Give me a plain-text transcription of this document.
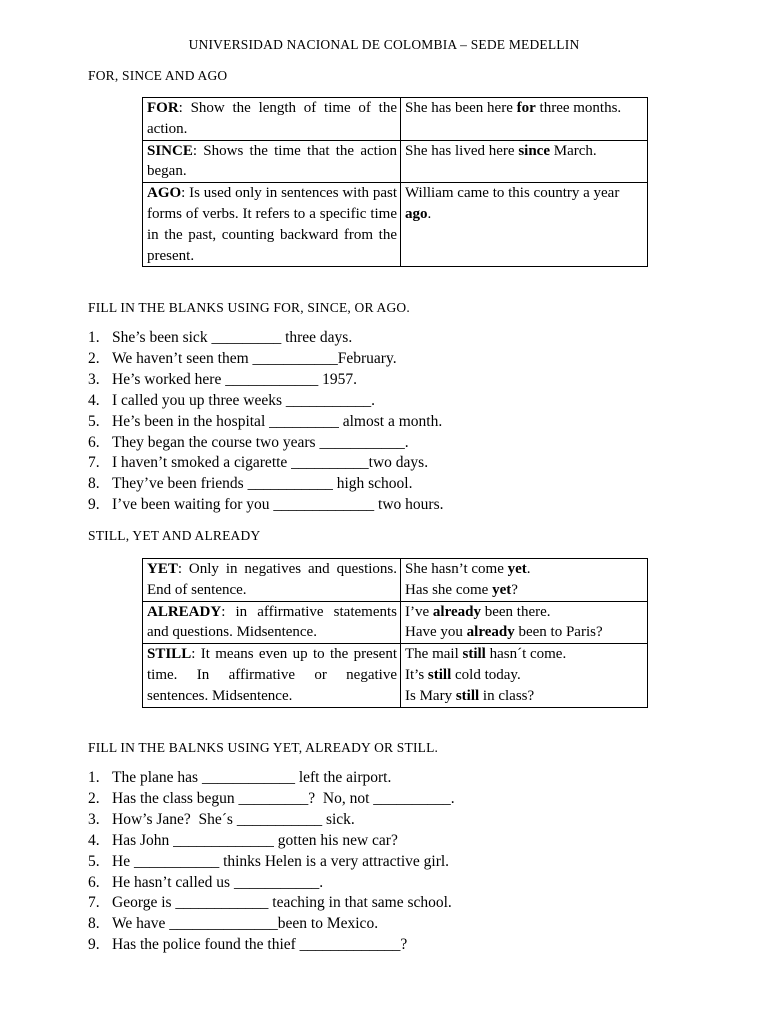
UNIVERSIDAD NACIONAL DE COLOMBIA – SEDE MEDELLIN
FOR, SINCE AND AGO
FOR: Show the length of time of the action.	She has been here for three months.
SINCE: Shows the time that the action began.	She has lived here since March.
AGO: Is used only in sentences with past forms of verbs. It refers to a specific time in the past, counting backward from the present.	William came to this country a year ago.
FILL IN THE BLANKS USING FOR, SINCE, OR AGO.
1. She’s been sick _________ three days.
2. We haven’t seen them ___________February.
3. He’s worked here ____________ 1957.
4. I called you up three weeks ___________.
5. He’s been in the hospital _________ almost a month.
6. They began the course two years ___________.
7. I haven’t smoked a cigarette __________two days.
8. They’ve been friends ___________ high school.
9. I’ve been waiting for you _____________ two hours.
STILL, YET AND ALREADY
YET: Only in negatives and questions. End of sentence.	She hasn’t come yet.
Has she come yet?

ALREADY: in affirmative statements and questions. Midsentence.	I’ve already been there.
Have you already been to Paris?

STILL: It means even up to the present time. In affirmative or negative sentences. Midsentence.	The mail still hasn´t come.
It’s still cold today.
Is Mary still in class?
FILL IN THE BALNKS USING YET, ALREADY OR STILL.
1. The plane has ____________ left the airport.
2. Has the class begun _________?  No, not __________.
3. How’s Jane?  She´s ___________ sick.
4. Has John _____________ gotten his new car?
5. He ___________ thinks Helen is a very attractive girl.
6. He hasn’t called us ___________.
7. George is ____________ teaching in that same school.
8. We have ______________been to Mexico.
9. Has the police found the thief _____________?
